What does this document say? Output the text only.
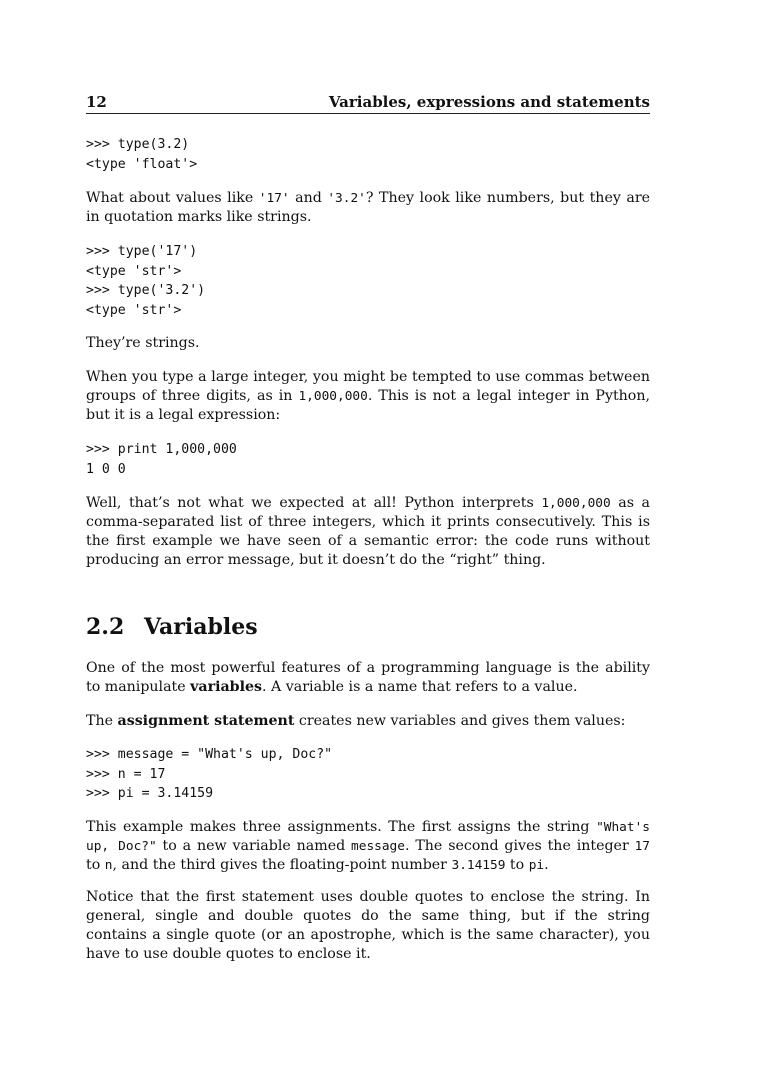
12	Variables, expressions and statements
>>> type(3.2)
<type 'float'>

What about values like '17' and '3.2'? They look like numbers, but they are in quotation marks like strings.

>>> type('17')
<type 'str'>
>>> type('3.2')
<type 'str'>

They’re strings.

When you type a large integer, you might be tempted to use commas between groups of three digits, as in 1,000,000. This is not a legal integer in Python, but it is a legal expression:

>>> print 1,000,000
1 0 0

Well, that’s not what we expected at all! Python interprets 1,000,000 as a comma-separated list of three integers, which it prints consecutively. This is the first example we have seen of a semantic error: the code runs without producing an error message, but it doesn’t do the “right” thing.

2.2 Variables

One of the most powerful features of a programming language is the ability to manipulate variables. A variable is a name that refers to a value.

The assignment statement creates new variables and gives them values:

>>> message = "What's up, Doc?"
>>> n = 17
>>> pi = 3.14159

This example makes three assignments. The first assigns the string "What's up, Doc?" to a new variable named message. The second gives the integer 17 to n, and the third gives the floating-point number 3.14159 to pi.

Notice that the first statement uses double quotes to enclose the string. In general, single and double quotes do the same thing, but if the string contains a single quote (or an apostrophe, which is the same character), you have to use double quotes to enclose it.
